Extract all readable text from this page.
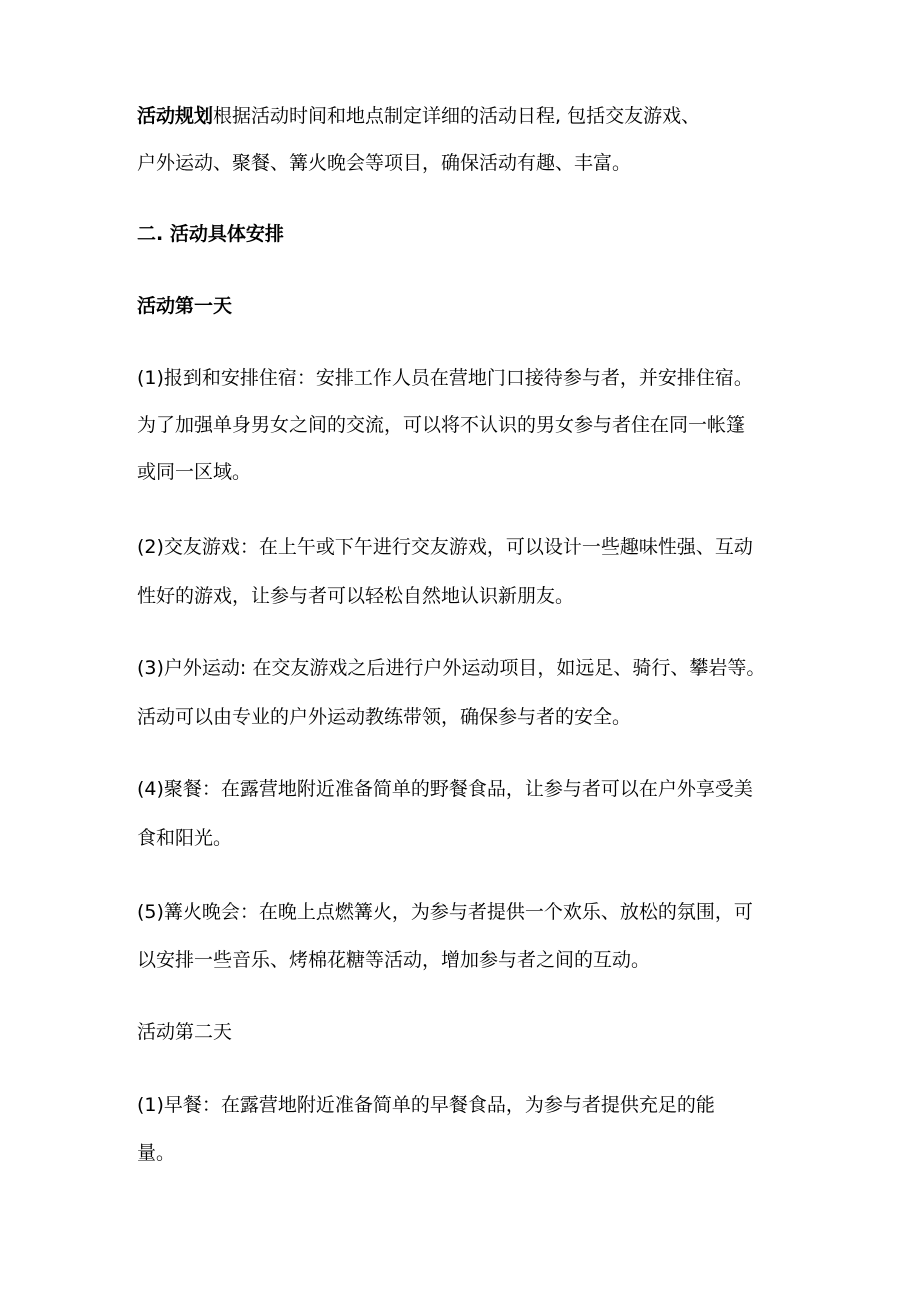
活动规划根据活动时间和地点制定详细的活动日程, 包括交友游戏、
户外运动、聚餐、篝火晚会等项目，确保活动有趣、丰富。
二. 活动具体安排
活动第一天
(1)报到和安排住宿：安排工作人员在营地门口接待参与者，并安排住宿。
为了加强单身男女之间的交流，可以将不认识的男女参与者住在同一帐篷
或同一区域。
(2)交友游戏：在上午或下午进行交友游戏，可以设计一些趣味性强、互动
性好的游戏，让参与者可以轻松自然地认识新朋友。
(3)户外运动: 在交友游戏之后进行户外运动项目，如远足、骑行、攀岩等。
活动可以由专业的户外运动教练带领，确保参与者的安全。
(4)聚餐：在露营地附近准备简单的野餐食品，让参与者可以在户外享受美
食和阳光。
(5)篝火晚会：在晚上点燃篝火，为参与者提供一个欢乐、放松的氛围，可
以安排一些音乐、烤棉花糖等活动，增加参与者之间的互动。
活动第二天
(1)早餐：在露营地附近准备简单的早餐食品，为参与者提供充足的能
量。
